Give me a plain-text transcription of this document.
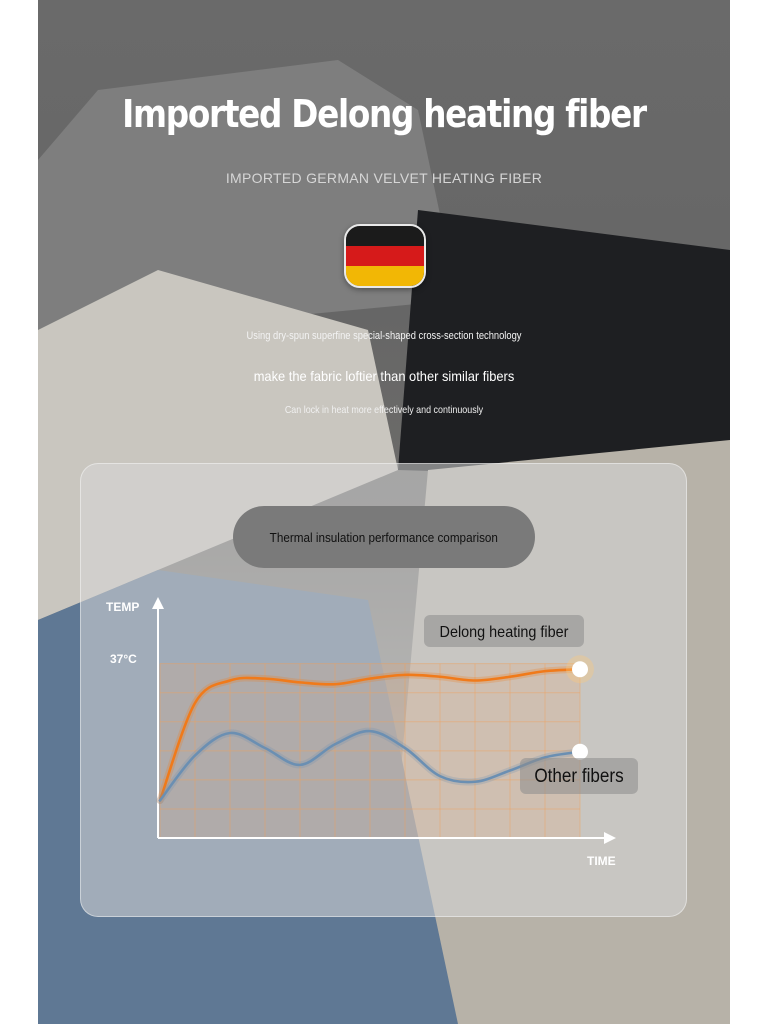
Imported Delong heating fiber
IMPORTED GERMAN VELVET HEATING FIBER
Using dry-spun superfine special-shaped cross-section technology
make the fabric loftier than other similar fibers
Can lock in heat more effectively and continuously
Thermal insulation performance comparison
TEMP
TIME
37°C
Delong heating fiber
Other fibers
